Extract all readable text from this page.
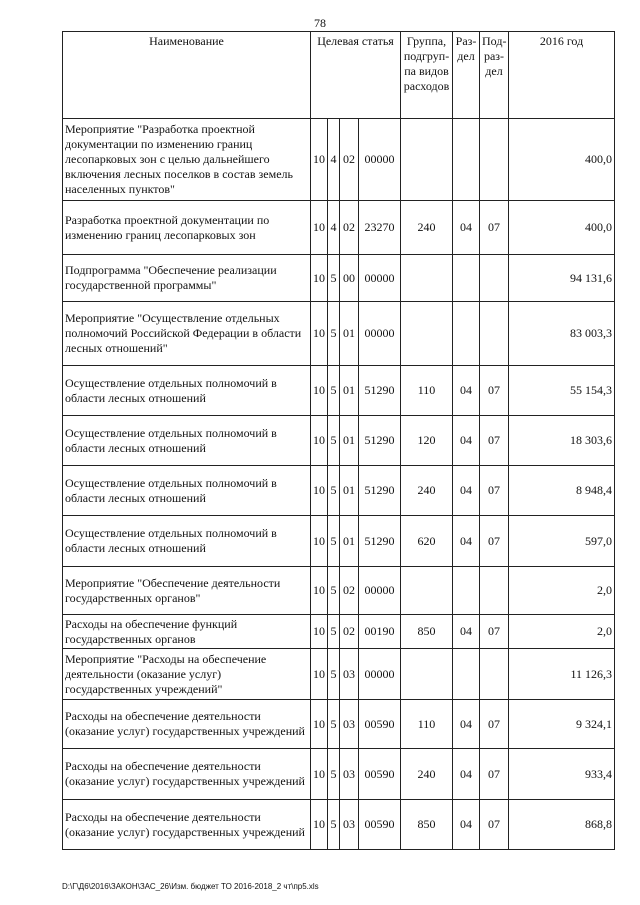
78
Наименование	Целевая статья				Группа, подгруп-па видов расходов	Раз-дел	Под-раз-дел	2016 год
Мероприятие "Разработка проектной документации по изменению границ лесопарковых зон с целью дальнейшего включения лесных поселков в состав земель населенных пунктов"	10	4	02	00000				400,0
Разработка проектной документации по изменению границ лесопарковых зон	10	4	02	23270	240	04	07	400,0
Подпрограмма "Обеспечение реализации государственной программы"	10	5	00	00000				94 131,6
Мероприятие "Осуществление отдельных полномочий Российской Федерации в области лесных отношений"	10	5	01	00000				83 003,3
Осуществление отдельных полномочий в области лесных отношений	10	5	01	51290	110	04	07	55 154,3
Осуществление отдельных полномочий в области лесных отношений	10	5	01	51290	120	04	07	18 303,6
Осуществление отдельных полномочий в области лесных отношений	10	5	01	51290	240	04	07	8 948,4
Осуществление отдельных полномочий в области лесных отношений	10	5	01	51290	620	04	07	597,0
Мероприятие "Обеспечение деятельности государственных органов"	10	5	02	00000				2,0
Расходы на обеспечение функций государственных органов	10	5	02	00190	850	04	07	2,0
Мероприятие "Расходы на обеспечение деятельности (оказание услуг) государственных учреждений"	10	5	03	00000				11 126,3
Расходы на обеспечение деятельности (оказание услуг) государственных учреждений	10	5	03	00590	110	04	07	9 324,1
Расходы на обеспечение деятельности (оказание услуг) государственных учреждений	10	5	03	00590	240	04	07	933,4
Расходы на обеспечение деятельности (оказание услуг) государственных учреждений	10	5	03	00590	850	04	07	868,8
D:\Г\Д6\2016\ЗАКОН\ЗАС_26\Изм. бюджет ТО 2016-2018_2 чт\пр5.xls
